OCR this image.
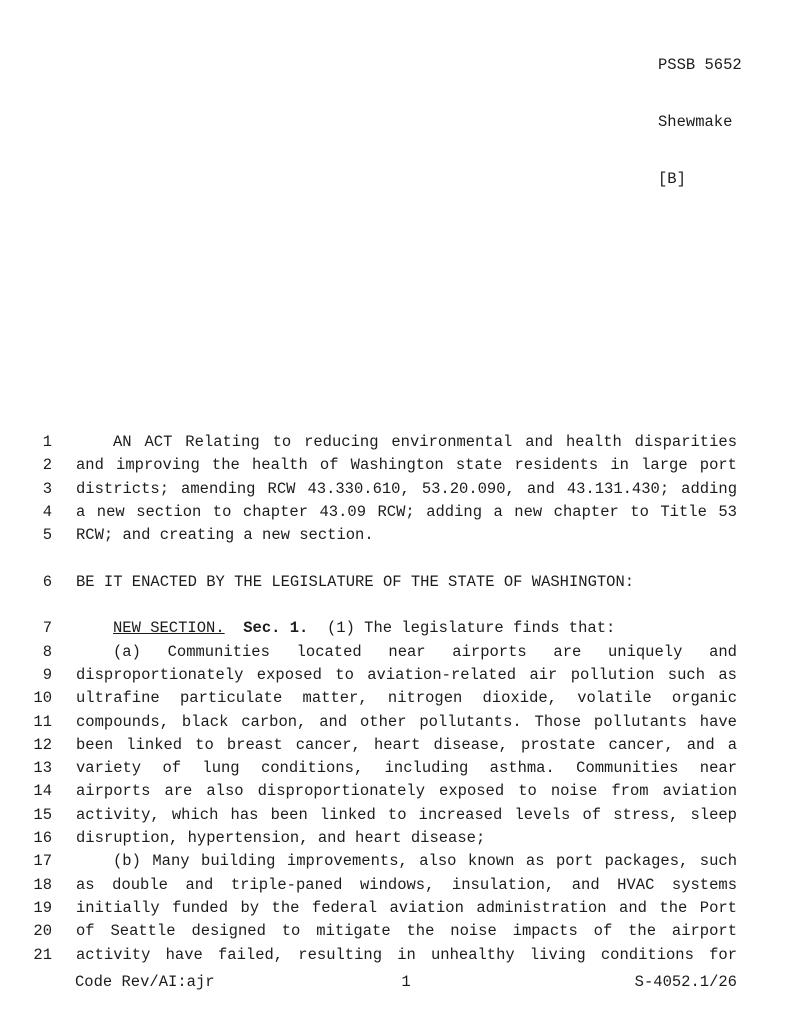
PSSB 5652

Shewmake

[B]

1	AN ACT Relating to reducing environmental and health disparities
2 and improving the health of Washington state residents in large port
3 districts; amending RCW 43.330.610, 53.20.090, and 43.131.430; adding
4 a new section to chapter 43.09 RCW; adding a new chapter to Title 53
5 RCW; and creating a new section.
6 BE IT ENACTED BY THE LEGISLATURE OF THE STATE OF WASHINGTON:
7	NEW SECTION. Sec. 1.  (1) The legislature finds that:
8	(a) Communities located near airports are uniquely and
9 disproportionately exposed to aviation-related air pollution such as
10 ultrafine particulate matter, nitrogen dioxide, volatile organic
11 compounds, black carbon, and other pollutants. Those pollutants have
12 been linked to breast cancer, heart disease, prostate cancer, and a
13 variety of lung conditions, including asthma. Communities near
14 airports are also disproportionately exposed to noise from aviation
15 activity, which has been linked to increased levels of stress, sleep
16 disruption, hypertension, and heart disease;
17	(b) Many building improvements, also known as port packages, such
18 as double and triple-paned windows, insulation, and HVAC systems
19 initially funded by the federal aviation administration and the Port
20 of Seattle designed to mitigate the noise impacts of the airport
21 activity have failed, resulting in unhealthy living conditions for
1
Code Rev/AI:ajr	S-4052.1/26
